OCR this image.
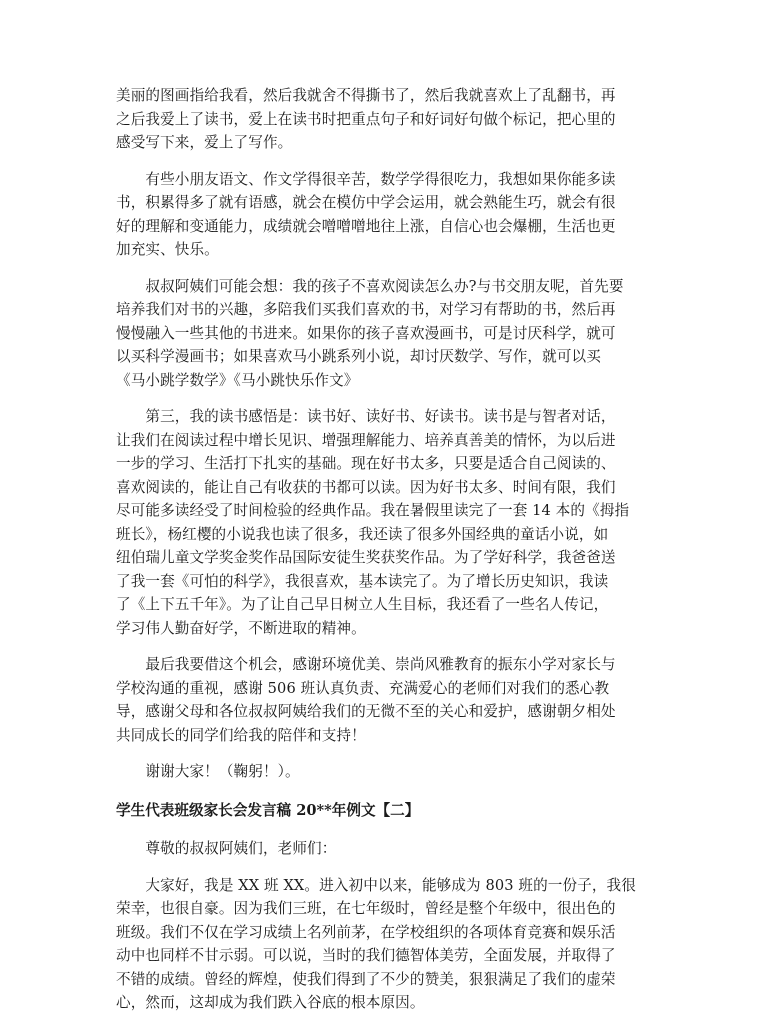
美丽的图画指给我看，然后我就舍不得撕书了，然后我就喜欢上了乱翻书，再
之后我爱上了读书，爱上在读书时把重点句子和好词好句做个标记，把心里的
感受写下来，爱上了写作。
　　有些小朋友语文、作文学得很辛苦，数学学得很吃力，我想如果你能多读
书，积累得多了就有语感，就会在模仿中学会运用，就会熟能生巧，就会有很
好的理解和变通能力，成绩就会噌噌噌地往上涨，自信心也会爆棚，生活也更
加充实、快乐。
　　叔叔阿姨们可能会想：我的孩子不喜欢阅读怎么办?与书交朋友呢，首先要
培养我们对书的兴趣，多陪我们买我们喜欢的书，对学习有帮助的书，然后再
慢慢融入一些其他的书进来。如果你的孩子喜欢漫画书，可是讨厌科学，就可
以买科学漫画书；如果喜欢马小跳系列小说，却讨厌数学、写作，就可以买
《马小跳学数学》《马小跳快乐作文》
　　第三，我的读书感悟是：读书好、读好书、好读书。读书是与智者对话，
让我们在阅读过程中增长见识、增强理解能力、培养真善美的情怀，为以后进
一步的学习、生活打下扎实的基础。现在好书太多，只要是适合自己阅读的、
喜欢阅读的，能让自己有收获的书都可以读。因为好书太多、时间有限，我们
尽可能多读经受了时间检验的经典作品。我在暑假里读完了一套 14 本的《拇指
班长》，杨红樱的小说我也读了很多，我还读了很多外国经典的童话小说，如
纽伯瑞儿童文学奖金奖作品国际安徒生奖获奖作品。为了学好科学，我爸爸送
了我一套《可怕的科学》，我很喜欢，基本读完了。为了增长历史知识，我读
了《上下五千年》。为了让自己早日树立人生目标，我还看了一些名人传记，
学习伟人勤奋好学，不断进取的精神。
　　最后我要借这个机会，感谢环境优美、崇尚风雅教育的振东小学对家长与
学校沟通的重视，感谢 506 班认真负责、充满爱心的老师们对我们的悉心教
导，感谢父母和各位叔叔阿姨给我们的无微不至的关心和爱护，感谢朝夕相处
共同成长的同学们给我的陪伴和支持！
　　谢谢大家！（鞠躬！）。
学生代表班级家长会发言稿 20**年例文【二】
　　尊敬的叔叔阿姨们，老师们：
　　大家好，我是 XX 班 XX。进入初中以来，能够成为 803 班的一份子，我很
荣幸，也很自豪。因为我们三班，在七年级时，曾经是整个年级中，很出色的
班级。我们不仅在学习成绩上名列前茅，在学校组织的各项体育竞赛和娱乐活
动中也同样不甘示弱。可以说，当时的我们德智体美劳，全面发展，并取得了
不错的成绩。曾经的辉煌，使我们得到了不少的赞美，狠狠满足了我们的虚荣
心，然而，这却成为我们跌入谷底的根本原因。
